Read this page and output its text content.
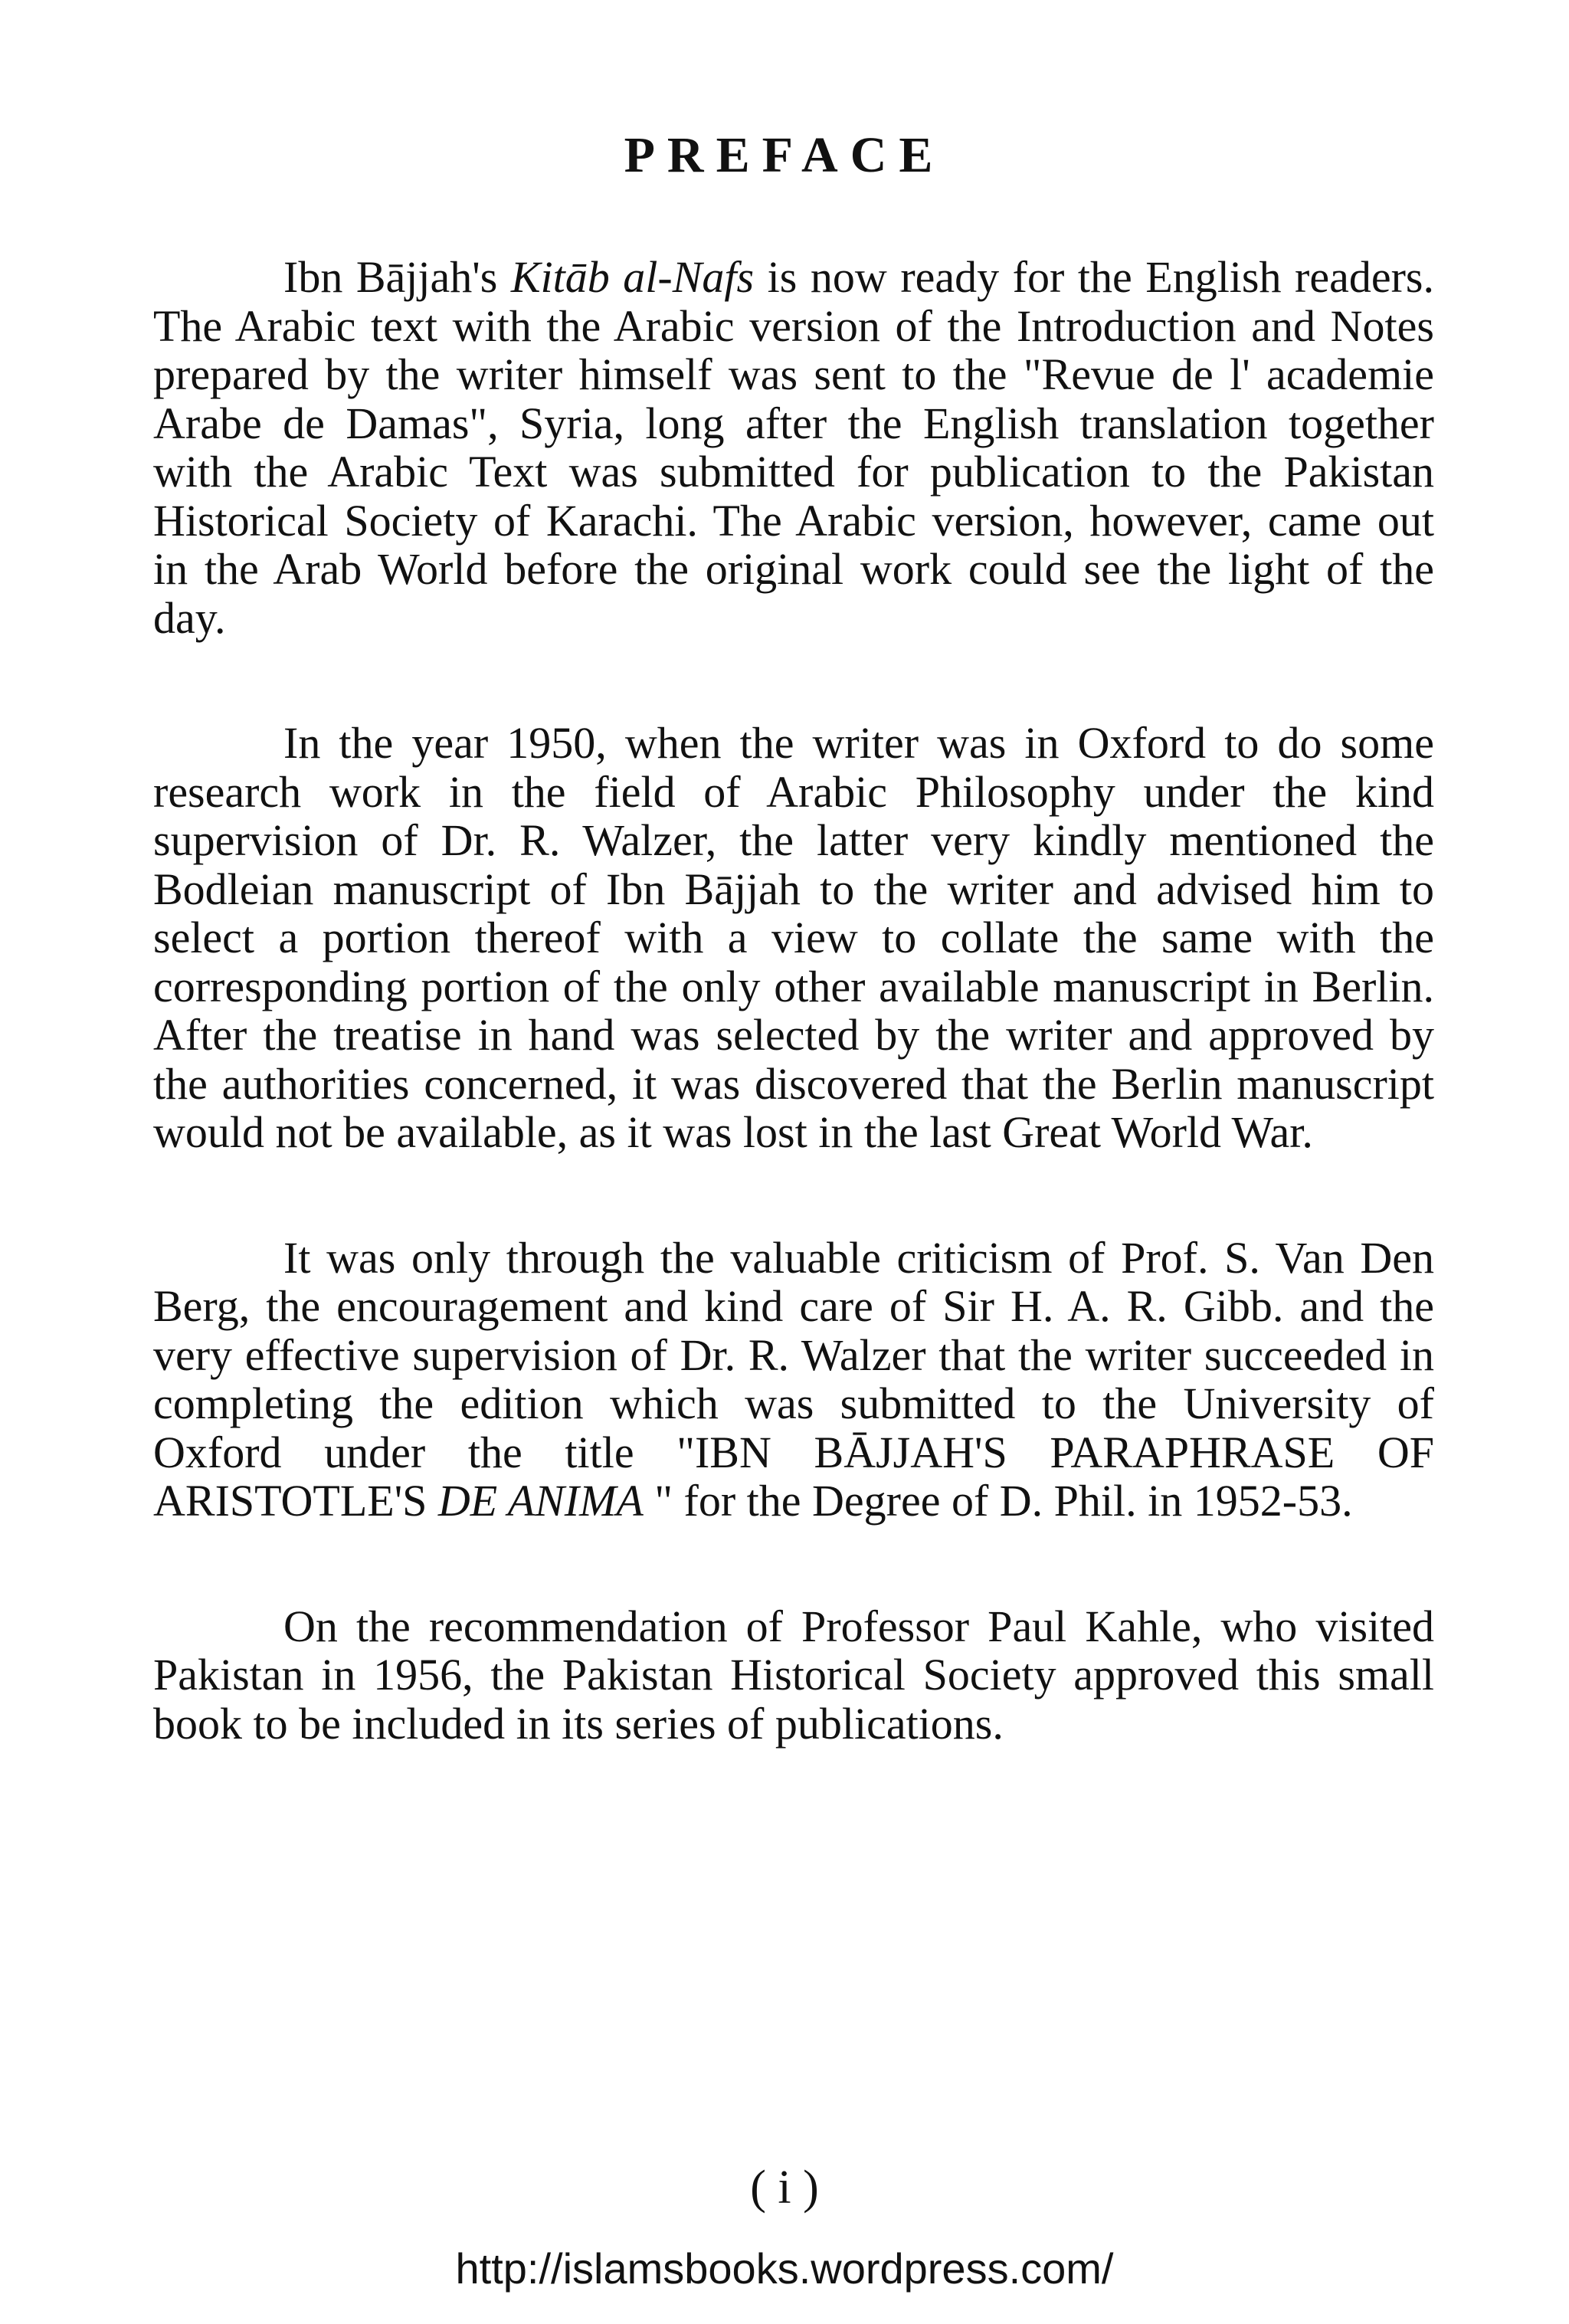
PREFACE

Ibn Bājjah's Kitāb al-Nafs is now ready for the English readers. The Arabic text with the Arabic version of the Introduction and Notes prepared by the writer himself was sent to the "Revue de l' academie Arabe de Damas", Syria, long after the English translation together with the Arabic Text was submitted for publication to the Pakistan Historical Society of Karachi. The Arabic version, however, came out in the Arab World before the original work could see the light of the day.

In the year 1950, when the writer was in Oxford to do some research work in the field of Arabic Philosophy under the kind supervision of Dr. R. Walzer, the latter very kindly mentioned the Bodleian manuscript of Ibn Bājjah to the writer and advised him to select a portion thereof with a view to collate the same with the corresponding portion of the only other available manuscript in Berlin. After the treatise in hand was selected by the writer and approved by the authorities concerned, it was discovered that the Berlin manuscript would not be available, as it was lost in the last Great World War.

It was only through the valuable criticism of Prof. S. Van Den Berg, the encouragement and kind care of Sir H. A. R. Gibb. and the very effective supervision of Dr. R. Walzer that the writer succeeded in completing the edition which was submitted to the University of Oxford under the title "IBN BĀJJAH'S PARAPHRASE OF ARISTOTLE'S DE ANIMA " for the Degree of D. Phil. in 1952-53.

On the recommendation of Professor Paul Kahle, who visited Pakistan in 1956, the Pakistan Historical Society approved this small book to be included in its series of publications.

( i )
http://islamsbooks.wordpress.com/
